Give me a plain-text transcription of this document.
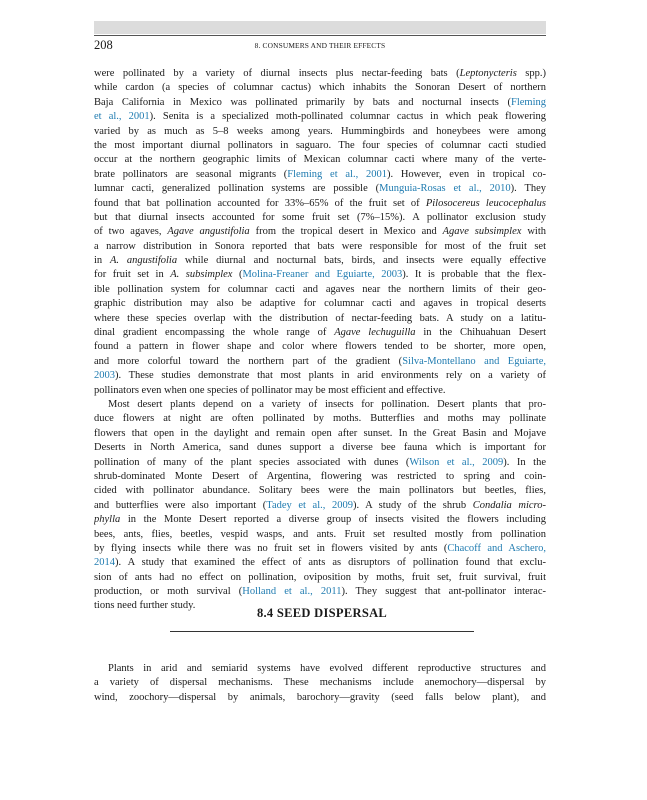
208	8. CONSUMERS AND THEIR EFFECTS
were pollinated by a variety of diurnal insects plus nectar-feeding bats (Leptonycteris spp.)
while cardon (a species of columnar cactus) which inhabits the Sonoran Desert of northern
Baja California in Mexico was pollinated primarily by bats and nocturnal insects (Fleming
et al., 2001). Senita is a specialized moth-pollinated columnar cactus in which peak flowering
varied by as much as 5–8 weeks among years. Hummingbirds and honeybees were among
the most important diurnal pollinators in saguaro. The four species of columnar cacti studied
occur at the northern geographic limits of Mexican columnar cacti where many of the verte-
brate pollinators are seasonal migrants (Fleming et al., 2001). However, even in tropical co-
lumnar cacti, generalized pollination systems are possible (Munguia-Rosas et al., 2010). They
found that bat pollination accounted for 33%–65% of the fruit set of Pilosocereus leucocephalus
but that diurnal insects accounted for some fruit set (7%–15%). A pollinator exclusion study
of two agaves, Agave angustifolia from the tropical desert in Mexico and Agave subsimplex with
a narrow distribution in Sonora reported that bats were responsible for most of the fruit set
in A. angustifolia while diurnal and nocturnal bats, birds, and insects were equally effective
for fruit set in A. subsimplex (Molina-Freaner and Eguiarte, 2003). It is probable that the flex-
ible pollination system for columnar cacti and agaves near the northern limits of their geo-
graphic distribution may also be adaptive for columnar cacti and agaves in tropical deserts
where these species overlap with the distribution of nectar-feeding bats. A study on a latitu-
dinal gradient encompassing the whole range of Agave lechuguilla in the Chihuahuan Desert
found a pattern in flower shape and color where flowers tended to be shorter, more open,
and more colorful toward the northern part of the gradient (Silva-Montellano and Eguiarte,
2003). These studies demonstrate that most plants in arid environments rely on a variety of
pollinators even when one species of pollinator may be most efficient and effective.
Most desert plants depend on a variety of insects for pollination. Desert plants that pro-
duce flowers at night are often pollinated by moths. Butterflies and moths may pollinate
flowers that open in the daylight and remain open after sunset. In the Great Basin and Mojave
Deserts in North America, sand dunes support a diverse bee fauna which is important for
pollination of many of the plant species associated with dunes (Wilson et al., 2009). In the
shrub-dominated Monte Desert of Argentina, flowering was restricted to spring and coin-
cided with pollinator abundance. Solitary bees were the main pollinators but beetles, flies,
and butterflies were also important (Tadey et al., 2009). A study of the shrub Condalia micro-
phylla in the Monte Desert reported a diverse group of insects visited the flowers including
bees, ants, flies, beetles, vespid wasps, and ants. Fruit set resulted mostly from pollination
by flying insects while there was no fruit set in flowers visited by ants (Chacoff and Aschero,
2014). A study that examined the effect of ants as disruptors of pollination found that exclu-
sion of ants had no effect on pollination, oviposition by moths, fruit set, fruit survival, fruit
production, or moth survival (Holland et al., 2011). They suggest that ant-pollinator interac-
tions need further study.
8.4 SEED DISPERSAL
Plants in arid and semiarid systems have evolved different reproductive structures and
a variety of dispersal mechanisms. These mechanisms include anemochory—dispersal by
wind, zoochory—dispersal by animals, barochory—gravity (seed falls below plant), and
